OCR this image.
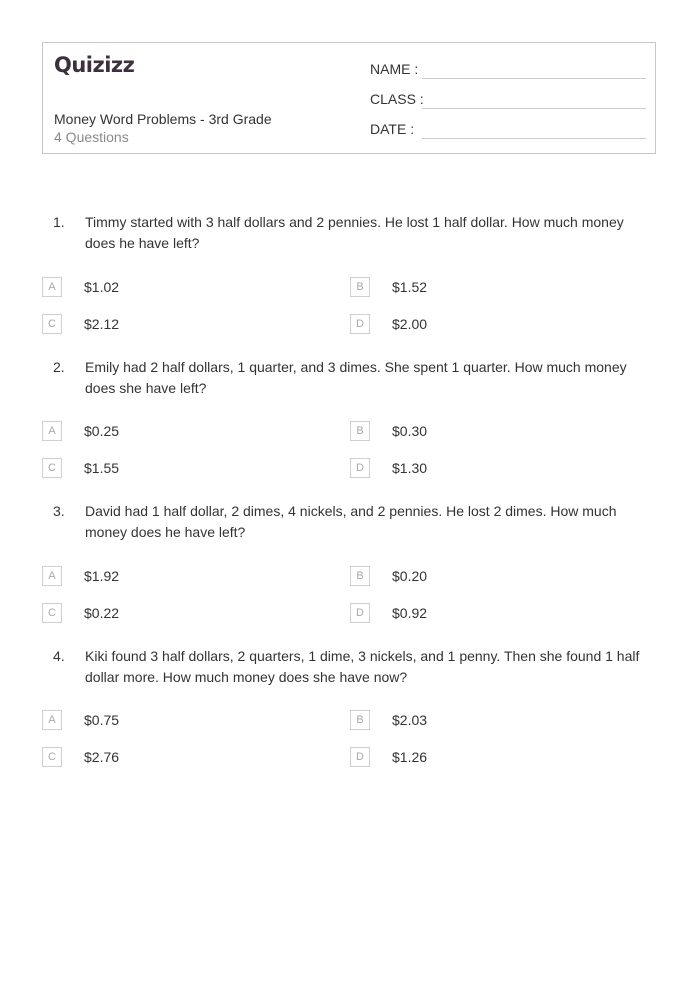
Quizizz
Money Word Problems - 3rd Grade
4 Questions
NAME :
CLASS :
DATE :
1. Timmy started with 3 half dollars and 2 pennies. He lost 1 half dollar. How much money does he have left?
A	$1.02	B	$1.52
C	$2.12	D	$2.00
2. Emily had 2 half dollars, 1 quarter, and 3 dimes. She spent 1 quarter. How much money does she have left?
A	$0.25	B	$0.30
C	$1.55	D	$1.30
3. David had 1 half dollar, 2 dimes, 4 nickels, and 2 pennies. He lost 2 dimes. How much money does he have left?
A	$1.92	B	$0.20
C	$0.22	D	$0.92
4. Kiki found 3 half dollars, 2 quarters, 1 dime, 3 nickels, and 1 penny. Then she found 1 half dollar more. How much money does she have now?
A	$0.75	B	$2.03
C	$2.76	D	$1.26
